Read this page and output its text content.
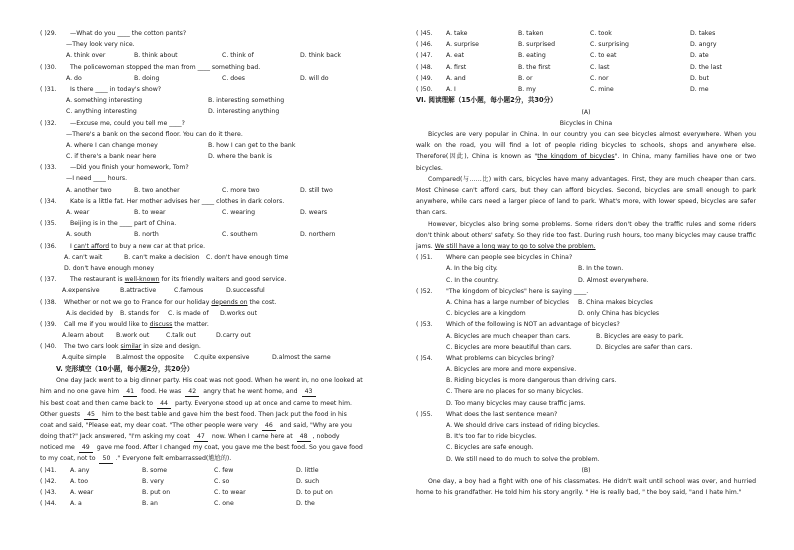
( )29.	—What do you ____ the cotton pants?
—They look very nice.
A. think over	B. think about	C. think of	D. think back
( )30.	The policewoman stopped the man from ____ something bad.
A. do	B. doing	C. does	D. will do
( )31.	Is there ____ in today's show?
A. something interesting	B. interesting something
C. anything interesting	D. interesting anything
( )32.	—Excuse me, could you tell me ____?
—There's a bank on the second floor. You can do it there.
A. where I can change money	B. how I can get to the bank
C. if there's a bank near here	D. where the bank is
( )33.	—Did you finish your homework, Tom?
—I need ____ hours.
A. another two	B. two another	C. more two	D. still two
( )34.	Kate is a little fat. Her mother advises her ____ clothes in dark colors.
A. wear	B. to wear	C. wearing	D. wears
( )35.	Beijing is in the ____ part of China.
A. south	B. north	C. southern	D. northern
( )36.	I can't afford to buy a new car at that price.
A. can't wait	B. can't make a decision	C. don't have enough time
D. don't have enough money
( )37.	The restaurant is well-known for its friendly waiters and good service.
A.expensive	B.attractive	C.famous	D.successful
( )38.	Whether or not we go to France for our holiday depends on the cost.
A.is decided by	B. stands for	C. is made of	D.works out
( )39.	Call me if you would like to discuss the matter.
A.learn about	B.work out	C.talk out	D.carry out
( )40.	The two cars look similar in size and design.
A.quite simple	B.almost the opposite	C.quite expensive	D.almost the same
V. 完形填空（10小题，每小题2分，共20分）
One day Jack went to a big dinner party. His coat was not good. When he went in, no one looked at
him and no one gave him 41 food. He was 42 angry that he went home, and 43
his best coat and then came back to 44 party. Everyone stood up at once and came to meet him.
Other guests 45 him to the best table and gave him the best food. Then Jack put the food in his
coat and said, "Please eat, my dear coat. "The other people were very 46 and said, "Why are you
doing that?" Jack answered, "I'm asking my coat 47 now. When I came here at 48 , nobody
noticed me 49 gave me food. After I changed my coat, you gave me the best food. So you gave food
to my coat, not to 50 ." Everyone felt embarrassed(尴尬的).
( )41.	A. any	B. some	C. few	D. little
( )42.	A. too	B. very	C. so	D. such
( )43.	A. wear	B. put on	C. to wear	D. to put on
( )44.	A. a	B. an	C. one	D. the
( )45.	A. take	B. taken	C. took	D. takes
( )46.	A. surprise	B. surprised	C. surprising	D. angry
( )47.	A. eat	B. eating	C. to eat	D. ate
( )48.	A. first	B. the first	C. last	D. the last
( )49.	A. and	B. or	C. nor	D. but
( )50.	A. I	B. my	C. mine	D. me
VI. 阅读理解（15小题，每小题2分，共30分）
(A)
Bicycles in China

Bicycles are very popular in China. In our country you can see bicycles almost everywhere. When you walk on the road, you will find a lot of people riding bicycles to schools, shops and anywhere else. Therefore(因此), China is known as "the kingdom of bicycles". In China, many families have one or two bicycles.

Compared(与……比) with cars, bicycles have many advantages. First, they are much cheaper than cars. Most Chinese can't afford cars, but they can afford bicycles. Second, bicycles are small enough to park anywhere, while cars need a larger piece of land to park. What's more, with lower speed, bicycles are safer than cars.

However, bicycles also bring some problems. Some riders don't obey the traffic rules and some riders don't think about others' safety. So they ride too fast. During rush hours, too many bicycles may cause traffic jams. We still have a long way to go to solve the problem.

( )51.	Where can people see bicycles in China?
A. In the big city.	B. In the town.
C. In the country.	D. Almost everywhere.
( )52.	"The kingdom of bicycles" here is saying ____.
A. China has a large number of bicycles	B. China makes bicycles
C. bicycles are a kingdom	D. only China has bicycles
( )53.	Which of the following is NOT an advantage of bicycles?
A. Bicycles are much cheaper than cars.	B. Bicycles are easy to park.
C. Bicycles are more beautiful than cars.	D. Bicycles are safer than cars.
( )54.	What problems can bicycles bring?
A. Bicycles are more and more expensive.
B. Riding bicycles is more dangerous than driving cars.
C. There are no places for so many bicycles.
D. Too many bicycles may cause traffic jams.
( )55.	What does the last sentence mean?
A. We should drive cars instead of riding bicycles.
B. It's too far to ride bicycles.
C. Bicycles are safe enough.
D. We still need to do much to solve the problem.
(B)

One day, a boy had a fight with one of his classmates. He didn't wait until school was over, and hurried home to his grandfather. He told him his story angrily. " He is really bad, " the boy said, "and I hate him."
